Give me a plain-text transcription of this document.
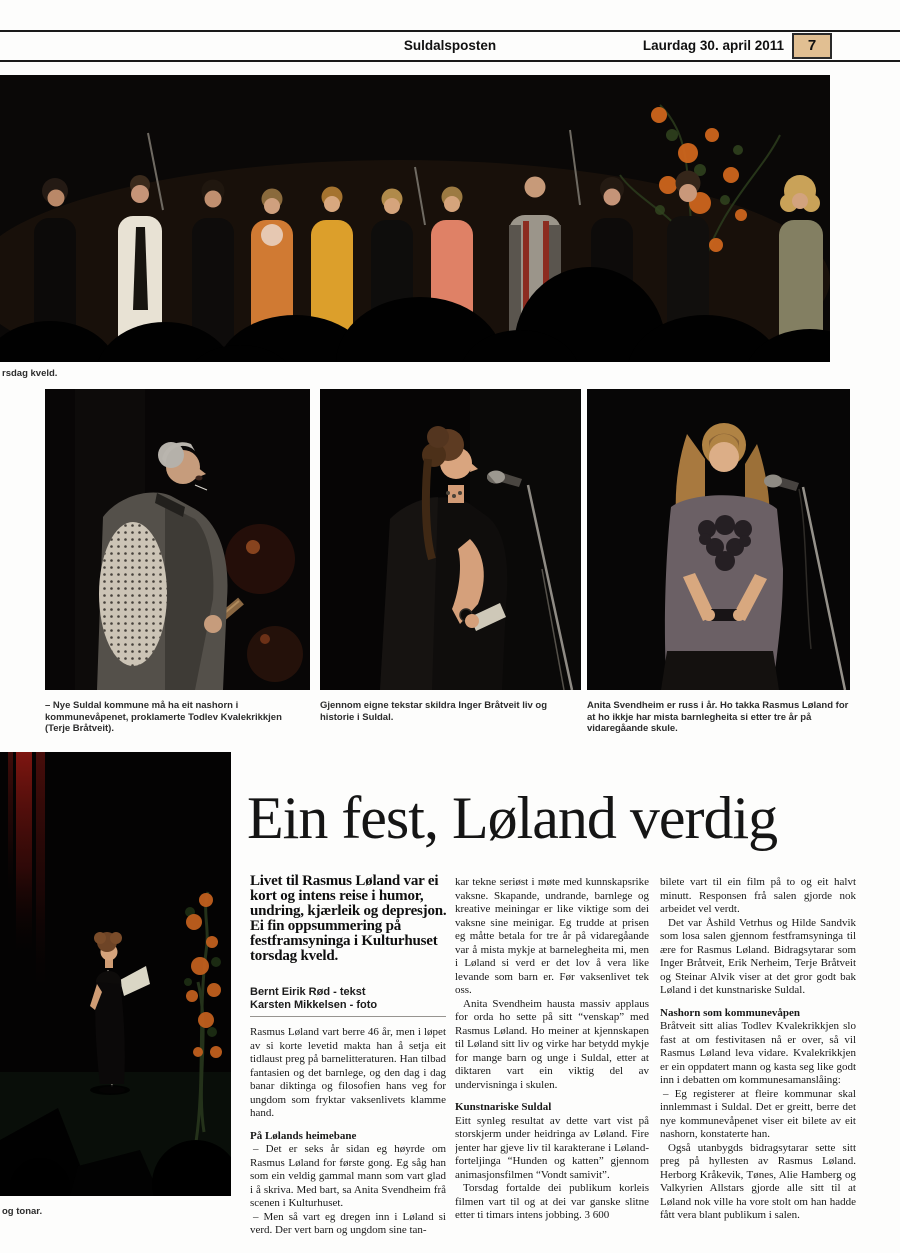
Suldalsposten	Laurdag 30. april 2011	7
rsdag kveld.
– Nye Suldal kommune må ha eit nashorn i kommunevåpenet, proklamerte Todlev Kvalekrikkjen (Terje Bråtveit).
Gjennom eigne tekstar skildra Inger Bråtveit liv og historie i Suldal.
Anita Svendheim er russ i år. Ho takka Rasmus Løland for at ho ikkje har mista barnlegheita si etter tre år på vidaregåande skule.
og tonar.
Ein fest, Løland verdig
Livet til Rasmus Løland var ei kort og intens reise i humor, undring, kjærleik og depresjon. Ei fin oppsummering på festframsyninga i Kulturhuset torsdag kveld.
Bernt Eirik Rød - tekst
Karsten Mikkelsen - foto

Rasmus Løland vart berre 46 år, men i løpet av si korte levetid makta han å setja eit tidlaust preg på barnelitteraturen. Han tilbad fantasien og det barnlege, og den dag i dag banar diktinga og filosofien hans veg for ungdom som fryktar vaksenlivets klamme hand.

På Lølands heimebane

– Det er seks år sidan eg høyrde om Rasmus Løland for første gong. Eg såg han som ein veldig gammal mann som vart glad i å skriva. Med bart, sa Anita Svendheim frå scenen i Kulturhuset.

– Men så vart eg dregen inn i Løland si verd. Der vert barn og ungdom sine tan-

kar tekne seriøst i møte med kunnskapsrike vaksne. Skapande, undrande, barnlege og kreative meiningar er like viktige som dei vaksne sine meinigar. Eg trudde at prisen eg måtte betala for tre år på vidaregåande var å mista mykje at barnelegheita mi, men i Løland si verd er det lov å vera like levande som barn er. Før vaksenlivet tek oss.

Anita Svendheim hausta massiv applaus for orda ho sette på sitt “venskap” med Rasmus Løland. Ho meiner at kjennskapen til Løland sitt liv og virke har betydd mykje for mange barn og unge i Suldal, etter at diktaren vart ein viktig del av undervisninga i skulen.

Kunstnariske Suldal

Eitt synleg resultat av dette vart vist på storskjerm under heidringa av Løland. Fire jenter har gjeve liv til karakterane i Løland-forteljinga “Hunden og katten” gjennom animasjonsfilmen “Vondt samivit”.

Torsdag fortalde dei publikum korleis filmen vart til og at dei var ganske slitne etter ti timars intens jobbing. 3 600

bilete vart til ein film på to og eit halvt minutt. Responsen frå salen gjorde nok arbeidet vel verdt.

Det var Åshild Vetrhus og Hilde Sandvik som losa salen gjennom festframsyninga til ære for Rasmus Løland. Bidragsytarar som Inger Bråtveit, Erik Nerheim, Terje Bråtveit og Steinar Alvik viser at det gror godt bak Løland i det kunstnariske Suldal.

Nashorn som kommunevåpen

Bråtveit sitt alias Todlev Kvalekrikkjen slo fast at om festivitasen nå er over, så vil Rasmus Løland leva vidare. Kvalekrikkjen er ein oppdatert mann og kasta seg like godt inn i debatten om kommunesamanslåing:

– Eg registerer at fleire kommunar skal innlemmast i Suldal. Det er greitt, berre det nye kommunevåpenet viser eit bilete av eit nashorn, konstaterte han.

Også utanbygds bidragsytarar sette sitt preg på hyllesten av Rasmus Løland. Herborg Kråkevik, Tønes, Alie Hamberg og Valkyrien Allstars gjorde alle sitt til at Løland nok ville ha vore stolt om han hadde fått vera blant publikum i salen.
